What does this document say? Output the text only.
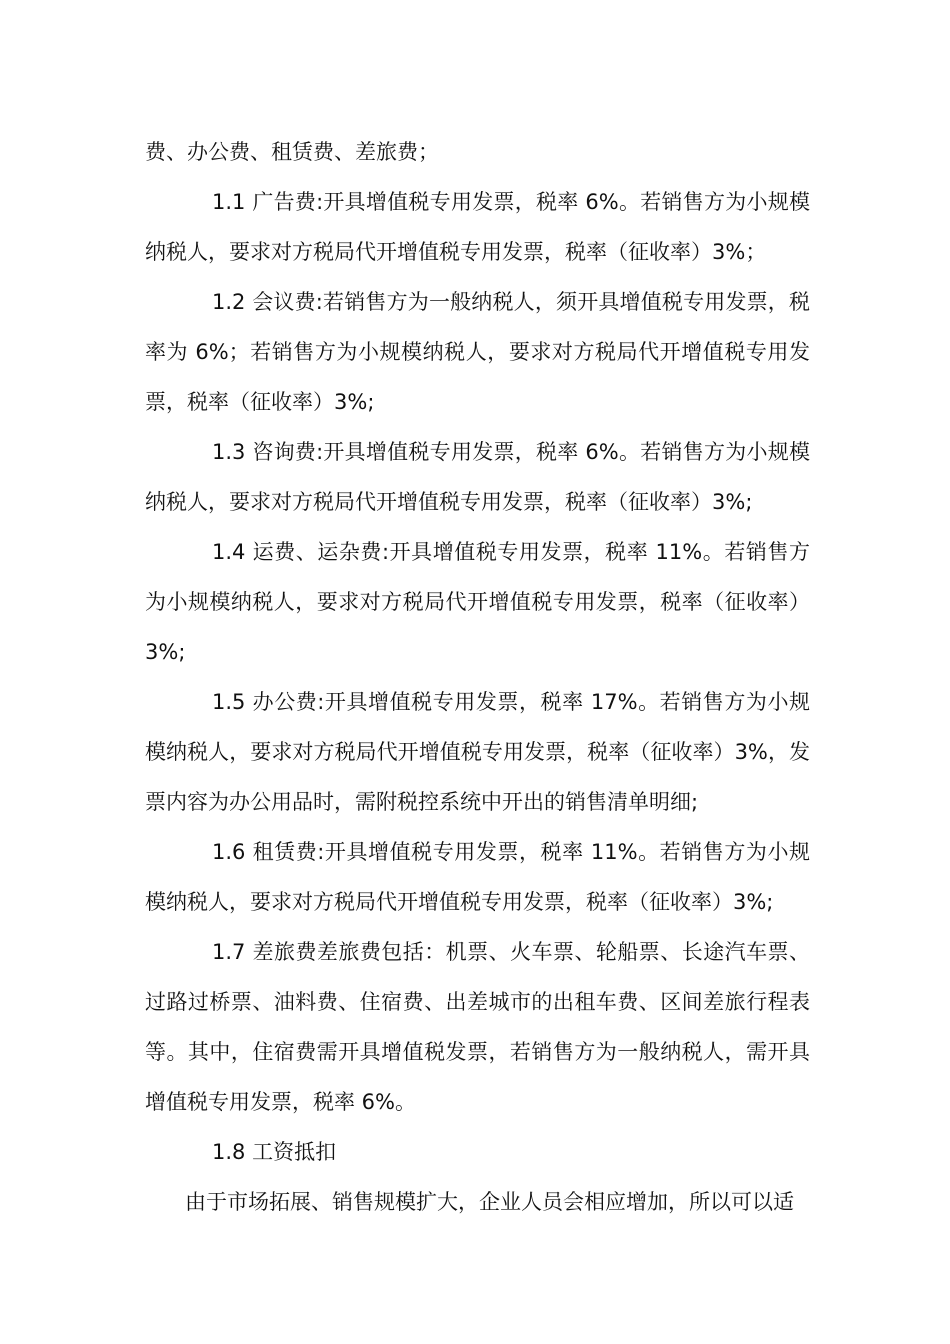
费、办公费、租赁费、差旅费；

1.1 广告费:开具增值税专用发票，税率 6%。若销售方为小规模纳税人，要求对方税局代开增值税专用发票，税率（征收率）3%；

1.2 会议费:若销售方为一般纳税人，须开具增值税专用发票，税率为 6%；若销售方为小规模纳税人，要求对方税局代开增值税专用发票，税率（征收率）3%;

1.3 咨询费:开具增值税专用发票，税率 6%。若销售方为小规模纳税人，要求对方税局代开增值税专用发票，税率（征收率）3%;

1.4 运费、运杂费:开具增值税专用发票，税率 11%。若销售方为小规模纳税人，要求对方税局代开增值税专用发票，税率（征收率）3%;

1.5 办公费:开具增值税专用发票，税率 17%。若销售方为小规模纳税人，要求对方税局代开增值税专用发票，税率（征收率）3%，发票内容为办公用品时，需附税控系统中开出的销售清单明细;

1.6 租赁费:开具增值税专用发票，税率 11%。若销售方为小规模纳税人，要求对方税局代开增值税专用发票，税率（征收率）3%;

1.7 差旅费差旅费包括：机票、火车票、轮船票、长途汽车票、过路过桥票、油料费、住宿费、出差城市的出租车费、区间差旅行程表等。其中，住宿费需开具增值税发票，若销售方为一般纳税人，需开具增值税专用发票，税率 6%。

1.8 工资抵扣

由于市场拓展、销售规模扩大，企业人员会相应增加，所以可以适
